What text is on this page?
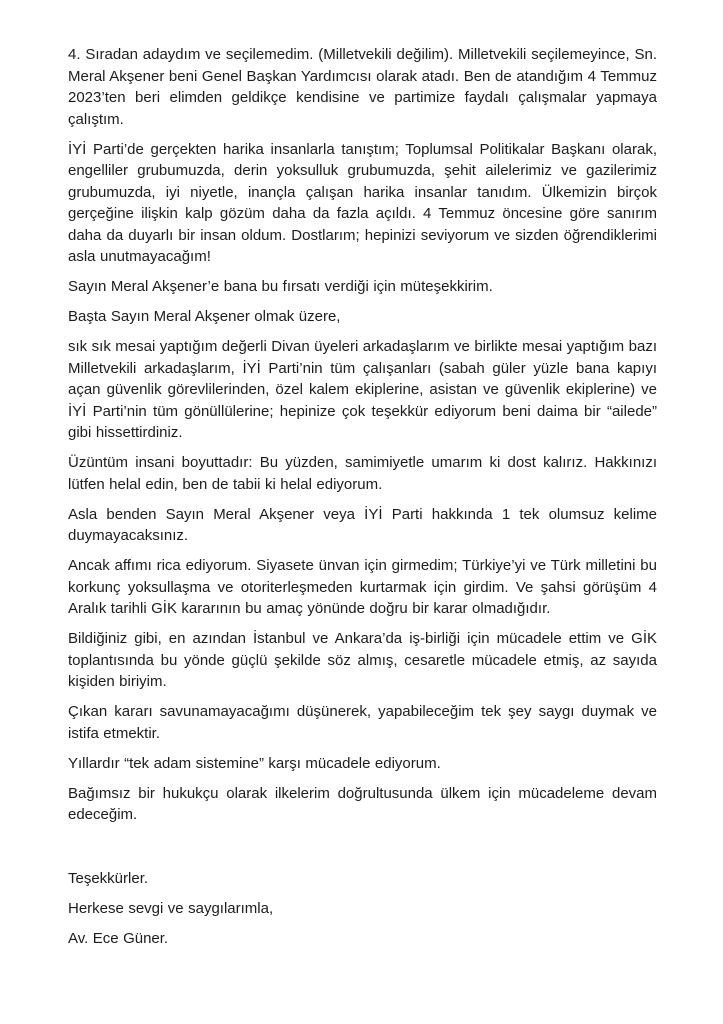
4. Sıradan adaydım ve seçilemedim. (Milletvekili değilim). Milletvekili seçilemeyince, Sn. Meral Akşener beni Genel Başkan Yardımcısı olarak atadı. Ben de atandığım 4 Temmuz 2023’ten beri elimden geldikçe kendisine ve partimize faydalı çalışmalar yapmaya çalıştım.

İYİ Parti’de gerçekten harika insanlarla tanıştım; Toplumsal Politikalar Başkanı olarak, engelliler grubumuzda, derin yoksulluk grubumuzda, şehit ailelerimiz ve gazilerimiz grubumuzda, iyi niyetle, inançla çalışan harika insanlar tanıdım. Ülkemizin birçok gerçeğine ilişkin kalp gözüm daha da fazla açıldı. 4 Temmuz öncesine göre sanırım daha da duyarlı bir insan oldum. Dostlarım; hepinizi seviyorum ve sizden öğrendiklerimi asla unutmayacağım!

Sayın Meral Akşener’e bana bu fırsatı verdiği için müteşekkirim.

Başta Sayın Meral Akşener olmak üzere,

sık sık mesai yaptığım değerli Divan üyeleri arkadaşlarım ve birlikte mesai yaptığım bazı Milletvekili arkadaşlarım, İYİ Parti’nin tüm çalışanları (sabah güler yüzle bana kapıyı açan güvenlik görevlilerinden, özel kalem ekiplerine, asistan ve güvenlik ekiplerine) ve İYİ Parti’nin tüm gönüllülerine; hepinize çok teşekkür ediyorum beni daima bir “ailede” gibi hissettirdiniz.

Üzüntüm insani boyuttadır: Bu yüzden, samimiyetle umarım ki dost kalırız. Hakkınızı lütfen helal edin, ben de tabii ki helal ediyorum.

Asla benden Sayın Meral Akşener veya İYİ Parti hakkında 1 tek olumsuz kelime duymayacaksınız.

Ancak affımı rica ediyorum. Siyasete ünvan için girmedim; Türkiye’yi ve Türk milletini bu korkunç yoksullaşma ve otoriterleşmeden kurtarmak için girdim. Ve şahsi görüşüm 4 Aralık tarihli GİK kararının bu amaç yönünde doğru bir karar olmadığıdır.

Bildiğiniz gibi, en azından İstanbul ve Ankara’da iş-birliği için mücadele ettim ve GİK toplantısında bu yönde güçlü şekilde söz almış, cesaretle mücadele etmiş, az sayıda kişiden biriyim.

Çıkan kararı savunamayacağımı düşünerek, yapabileceğim tek şey saygı duymak ve istifa etmektir.

Yıllardır “tek adam sistemine” karşı mücadele ediyorum.

Bağımsız bir hukukçu olarak ilkelerim doğrultusunda ülkem için mücadeleme devam edeceğim.

Teşekkürler.

Herkese sevgi ve saygılarımla,

Av. Ece Güner.
